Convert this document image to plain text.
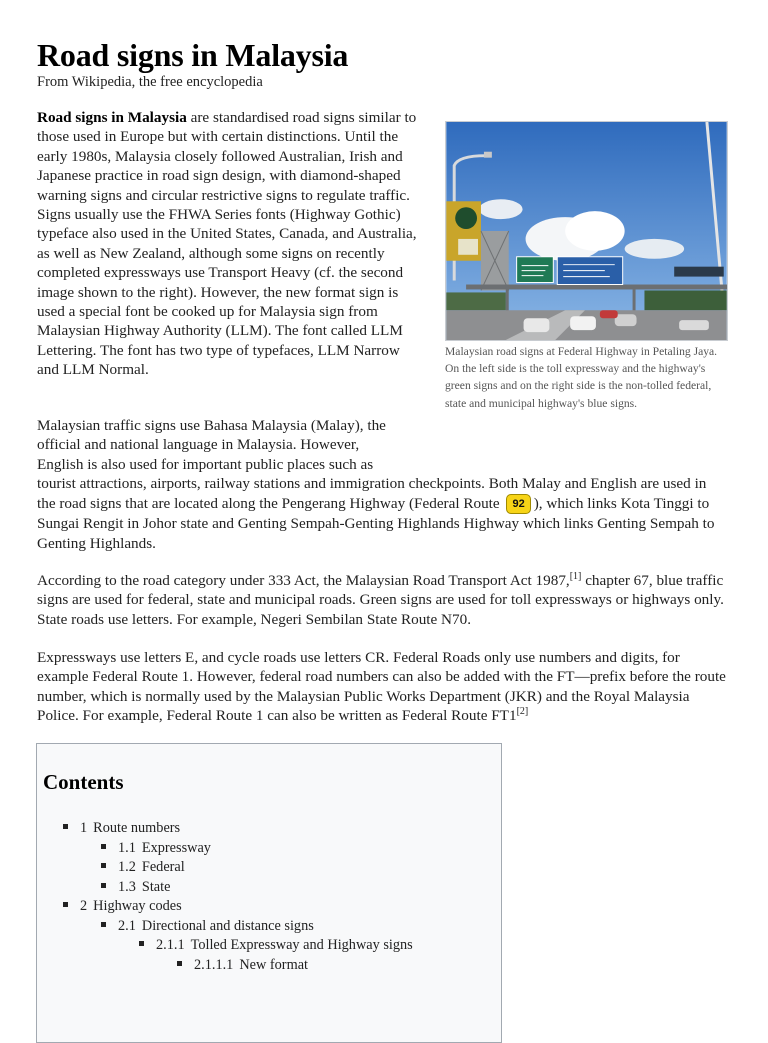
Road signs in Malaysia

From Wikipedia, the free encyclopedia

Road signs in Malaysia are standardised road signs similar to those used in Europe but with certain distinctions. Until the early 1980s, Malaysia closely followed Australian, Irish and Japanese practice in road sign design, with diamond-shaped warning signs and circular restrictive signs to regulate traffic. Signs usually use the FHWA Series fonts (Highway Gothic) typeface also used in the United States, Canada, and Australia, as well as New Zealand, although some signs on recently completed expressways use Transport Heavy (cf. the second image shown to the right). However, the new format sign is used a special font be cooked up for Malaysia sign from Malaysian Highway Authority (LLM). The font called LLM Lettering. The font has two type of typefaces, LLM Narrow and LLM Normal.

Malaysian road signs at Federal Highway in Petaling Jaya. On the left side is the toll expressway and the highway's green signs and on the right side is the non-tolled federal, state and municipal highway's blue signs.

Malaysian traffic signs use Bahasa Malaysia (Malay), the official and national language in Malaysia. However, English is also used for important public places such as tourist attractions, airports, railway stations and immigration checkpoints. Both Malay and English are used in the road signs that are located along the Pengerang Highway (Federal Route 92 ), which links Kota Tinggi to Sungai Rengit in Johor state and Genting Sempah-Genting Highlands Highway which links Genting Sempah to Genting Highlands.

According to the road category under 333 Act, the Malaysian Road Transport Act 1987,[1] chapter 67, blue traffic signs are used for federal, state and municipal roads. Green signs are used for toll expressways or highways only. State roads use letters. For example, Negeri Sembilan State Route N70.

Expressways use letters E, and cycle roads use letters CR. Federal Roads only use numbers and digits, for example Federal Route 1. However, federal road numbers can also be added with the FT—prefix before the route number, which is normally used by the Malaysian Public Works Department (JKR) and the Royal Malaysia Police. For example, Federal Route 1 can also be written as Federal Route FT1[2]

Contents
1 Route numbers
1.1 Expressway
1.2 Federal
1.3 State
2 Highway codes
2.1 Directional and distance signs
2.1.1 Tolled Expressway and Highway signs
2.1.1.1 New format
